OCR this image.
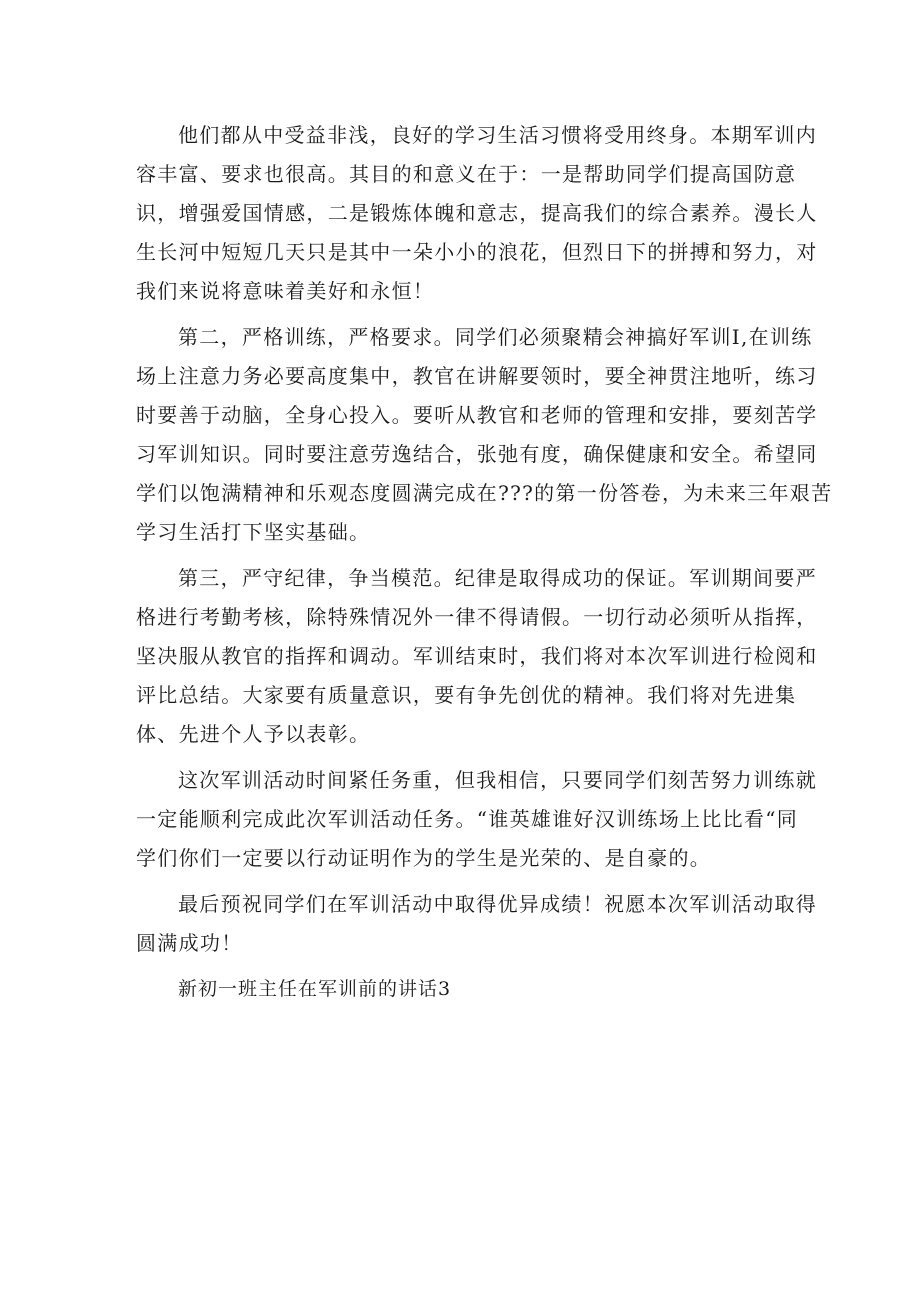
他们都从中受益非浅，良好的学习生活习惯将受用终身。本期军训内
容丰富、要求也很高。其目的和意义在于：一是帮助同学们提高国防意
识，增强爱国情感，二是锻炼体魄和意志，提高我们的综合素养。漫长人
生长河中短短几天只是其中一朵小小的浪花，但烈日下的拼搏和努力，对
我们来说将意味着美好和永恒！
第二，严格训练，严格要求。同学们必须聚精会神搞好军训I,在训练
场上注意力务必要高度集中，教官在讲解要领时，要全神贯注地听，练习
时要善于动脑，全身心投入。要听从教官和老师的管理和安排，要刻苦学
习军训知识。同时要注意劳逸结合，张弛有度，确保健康和安全。希望同
学们以饱满精神和乐观态度圆满完成在???的第一份答卷，为未来三年艰苦
学习生活打下坚实基础。
第三，严守纪律，争当模范。纪律是取得成功的保证。军训期间要严
格进行考勤考核，除特殊情况外一律不得请假。一切行动必须听从指挥，
坚决服从教官的指挥和调动。军训结束时，我们将对本次军训进行检阅和
评比总结。大家要有质量意识，要有争先创优的精神。我们将对先进集
体、先进个人予以表彰。
这次军训活动时间紧任务重，但我相信，只要同学们刻苦努力训练就
一定能顺利完成此次军训活动任务。“谁英雄谁好汉训练场上比比看“同
学们你们一定要以行动证明作为的学生是光荣的、是自豪的。
最后预祝同学们在军训活动中取得优异成绩！祝愿本次军训活动取得
圆满成功！
新初一班主任在军训前的讲话3
